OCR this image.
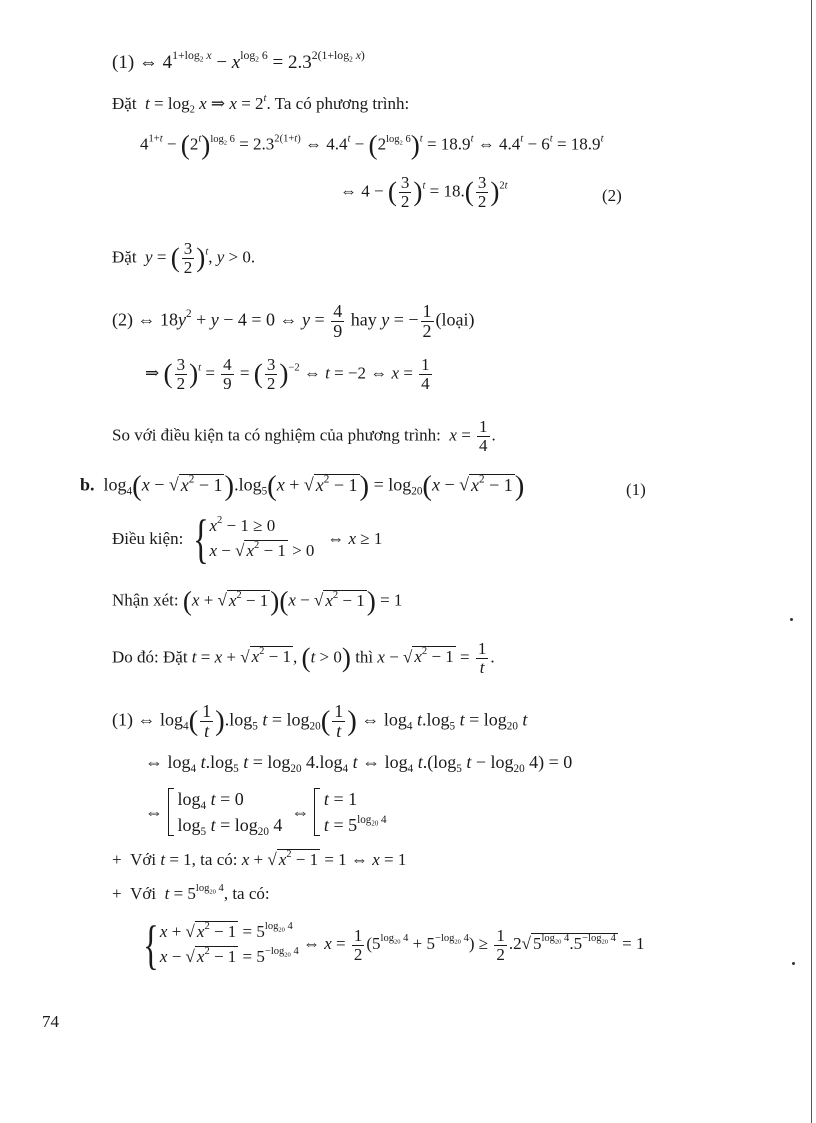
(1) ⇔ $4^{1+log_2 x} - x^{log_2 6} = 2.3^{2(1+log_2 x)}$
Đặt $t = \log_2 x$ ⇒ $x = 2^t$. Ta có phương trình:
$4^{1+t} - (2^t)^{log_2 6} = 2.3^{2(1+t)}$ ⇔ $4.4^t - (2^{log_2 6})^t = 18.9^t$ ⇔ $4.4^t - 6^t = 18.9^t$
⇔ 4 − ( $\frac{3}{2} )^t = 18.( \frac{3}{2} )^{2t}$
(2)
Đặt y = ( $\frac{3}{2} )^t$, y > 0.
(2) ⇔ $18y^2 + y - 4 = 0$ ⇔ $y = \frac{4}{9}$ hay y = − $\frac{1}{2}$ (loại)
⇒ ( $\frac{3}{2} )^t = \frac{4}{9}$ = ( $\frac{3}{2} )^{-2}$ ⇔ t = −2 ⇔ $x = \frac{1}{4}$
So với điều kiện ta có nghiệm của phương trình: $x = \frac{1}{4}$ .
b.  $\log_4(x$ − √ $x^2 - 1).\log_5(x$ + √ $x^2 - 1) = \log_{20}(x$ − √ $x^2 - 1$)	(1)
Điều kiện: { $x^2 - 1 \ge 0$
x − √ $x^2 - 1 > 0$
⇔ x ≥ 1
Nhận xét: (x + √ $x^2 - 1)(x$ − √ $x^2 - 1) = 1$
Do đó: Đặt t = x + √ $x^2 - 1$ , (t > 0) thì x − √ $x^2 - 1 = \frac{1}{t}$ .
(1) ⇔ $\log_4( \frac{1}{t} ).\log_5$ $t = \log_{20}( \frac{1}{t}$ ) ⇔ $\log_4 t.\log_5$ $t = \log_{20} t$
⇔ $\log_4 t.\log_5$ $t = \log_{20} 4.\log_4$ t ⇔ $\log_4 t.(\log_5$ $t - \log_{20} 4) = 0$
⇔
$\log_4 t = 0$
$\log_5 t = \log_{20} 4$
⇔
t = 1
$t = 5^{log_{20} 4}$
+  Với t = 1, ta có: x + √ $x^2 - 1 = 1$ ⇔ x = 1
+  Với $t = 5^{log_{20} 4}$, ta có:
{ x + √ $x^2 - 1 = 5^{log_{20} 4}$
x − √ $x^2 - 1 = 5^{-log_{20} 4}$ ⇔ $x = \frac{1}{2} (5^{log_{20} 4} + 5^{-log_{20} 4}) \ge \frac{1}{2} .2√$ $5^{log_{20} 4}.5^{-log_{20} 4} = 1$
74
